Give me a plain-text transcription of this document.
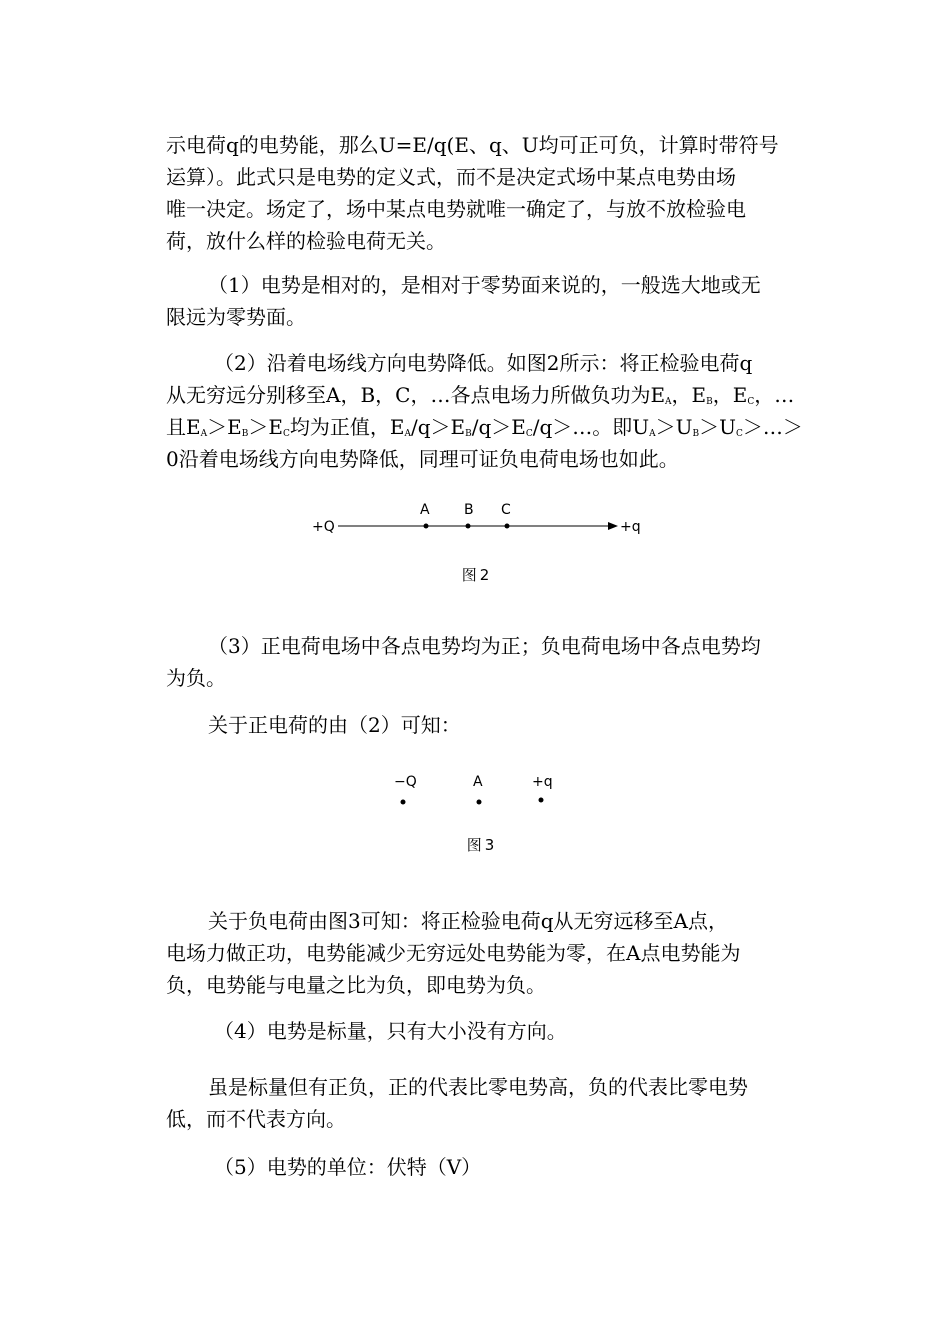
示电荷q的电势能，那么U=E/q(E、q、U均可正可负，计算时带符号
运算）。此式只是电势的定义式，而不是决定式场中某点电势由场
唯一决定。场定了，场中某点电势就唯一确定了，与放不放检验电
荷，放什么样的检验电荷无关。

（1）电势是相对的，是相对于零势面来说的，一般选大地或无
限远为零势面。

（2）沿着电场线方向电势降低。如图2所示：将正检验电荷q
从无穷远分别移至A，B，C，…各点电场力所做负功为$E_A$，$E_B$，$E_C$，…
且$E_A>E_B>E_C$均为正值，$E_A/q>E_B/q>E_C/q>\dots$。即$U_A>U_B>U_C>\dots>$
0沿着电场线方向电势降低，同理可证负电荷电场也如此。

+Q	+q
A B C
图2

（3）正电荷电场中各点电势均为正；负电荷电场中各点电势均
为负。

关于正电荷的由（2）可知：

−Q	A	+q
图3

关于负电荷由图3可知：将正检验电荷q从无穷远移至A点，
电场力做正功，电势能减少无穷远处电势能为零，在A点电势能为
负，电势能与电量之比为负，即电势为负。

（4）电势是标量，只有大小没有方向。

虽是标量但有正负，正的代表比零电势高，负的代表比零电势
低，而不代表方向。

（5）电势的单位：伏特（V）
